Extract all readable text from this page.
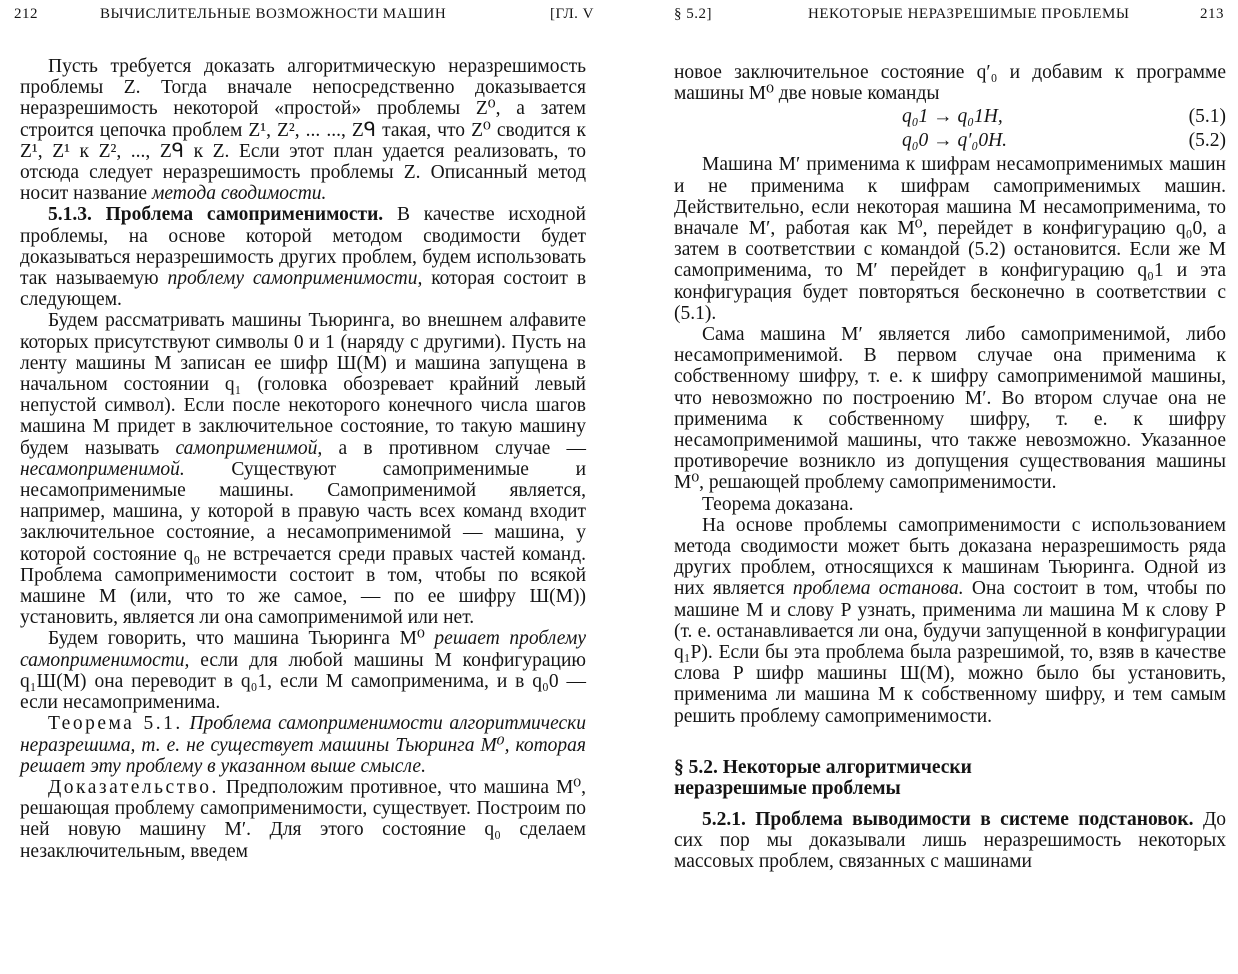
212	ВЫЧИСЛИТЕЛЬНЫЕ ВОЗМОЖНОСТИ МАШИН	[ГЛ. V

Пусть требуется доказать алгоритмическую неразрешимость проблемы Z. Тогда вначале непосредственно доказывается неразрешимость некоторой «простой» проблемы Z⁰, а затем строится цепочка проблем Z¹, Z², ... ..., Zᑫ такая, что Z⁰ сводится к Z¹, Z¹ к Z², ..., Zᑫ к Z. Если этот план удается реализовать, то отсюда следует неразрешимость проблемы Z. Описанный метод носит название метода сводимости.

5.1.3. Проблема самоприменимости. В качестве исходной проблемы, на основе которой методом сводимости будет доказываться неразрешимость других проблем, будем использовать так называемую проблему самоприменимости, которая состоит в следующем.

Будем рассматривать машины Тьюринга, во внешнем алфавите которых присутствуют символы 0 и 1 (наряду с другими). Пусть на ленту машины M записан ее шифр Ш(M) и машина запущена в начальном состоянии q₁ (головка обозревает крайний левый непустой символ). Если после некоторого конечного числа шагов машина M придет в заключительное состояние, то такую машину будем называть самоприменимой, а в противном случае — несамоприменимой. Существуют самоприменимые и несамоприменимые машины. Самоприменимой является, например, машина, у которой в правую часть всех команд входит заключительное состояние, а несамоприменимой — машина, у которой состояние q₀ не встречается среди правых частей команд. Проблема самоприменимости состоит в том, чтобы по всякой машине M (или, что то же самое, — по ее шифру Ш(M)) установить, является ли она самоприменимой или нет.

Будем говорить, что машина Тьюринга M⁰ решает проблему самоприменимости, если для любой машины M конфигурацию q₁Ш(M) она переводит в q₀1, если M самоприменима, и в q₀0 — если несамоприменима.

Теорема 5.1. Проблема самоприменимости алгоритмически неразрешима, т. е. не существует машины Тьюринга M⁰, которая решает эту проблему в указанном выше смысле.

Доказательство. Предположим противное, что машина M⁰, решающая проблему самоприменимости, существует. Построим по ней новую машину M′. Для этого состояние q₀ сделаем незаключительным, введем

§ 5.2]	НЕКОТОРЫЕ НЕРАЗРЕШИМЫЕ ПРОБЛЕМЫ	213

новое заключительное состояние q′₀ и добавим к программе машины M⁰ две новые команды

q₀1 → q₀1H,	(5.1)
q₀0 → q′₀0H.	(5.2)

Машина M′ применима к шифрам несамоприменимых машин и не применима к шифрам самоприменимых машин. Действительно, если некоторая машина M несамоприменима, то вначале M′, работая как M⁰, перейдет в конфигурацию q₀0, а затем в соответствии с командой (5.2) остановится. Если же M самоприменима, то M′ перейдет в конфигурацию q₀1 и эта конфигурация будет повторяться бесконечно в соответствии с (5.1).

Сама машина M′ является либо самоприменимой, либо несамоприменимой. В первом случае она применима к собственному шифру, т. е. к шифру самоприменимой машины, что невозможно по построению M′. Во втором случае она не применима к собственному шифру, т. е. к шифру несамоприменимой машины, что также невозможно. Указанное противоречие возникло из допущения существования машины M⁰, решающей проблему самоприменимости.

Теорема доказана.

На основе проблемы самоприменимости с использованием метода сводимости может быть доказана неразрешимость ряда других проблем, относящихся к машинам Тьюринга. Одной из них является проблема останова. Она состоит в том, чтобы по машине M и слову P узнать, применима ли машина M к слову P (т. е. останавливается ли она, будучи запущенной в конфигурации q₁P). Если бы эта проблема была разрешимой, то, взяв в качестве слова P шифр машины Ш(M), можно было бы установить, применима ли машина M к собственному шифру, и тем самым решить проблему самоприменимости.

§ 5.2. Некоторые алгоритмически
неразрешимые проблемы

5.2.1. Проблема выводимости в системе подстановок. До сих пор мы доказывали лишь неразрешимость некоторых массовых проблем, связанных с машинами
